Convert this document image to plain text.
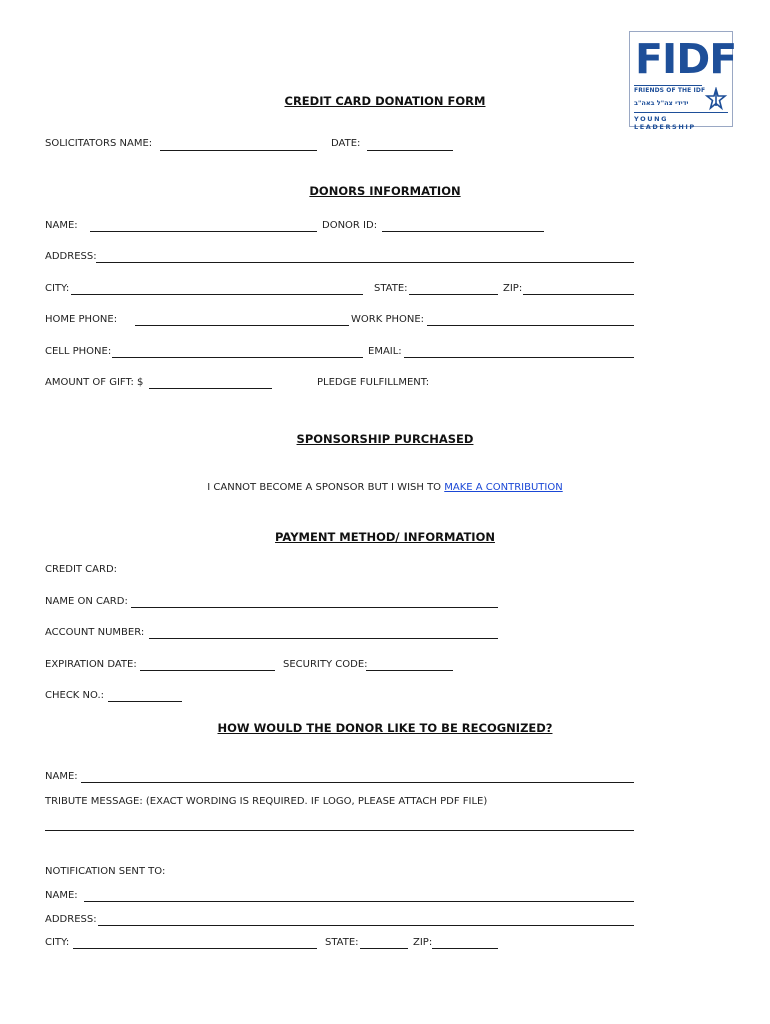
FIDF
FRIENDS OF THE IDF
ידידי צה"ל באה"ב
YOUNG LEADERSHIP
CREDIT CARD DONATION FORM
SOLICITATORS NAME:	DATE:
DONORS INFORMATION
NAME:	DONOR ID:
ADDRESS:
CITY:	STATE:	ZIP:
HOME PHONE:	WORK PHONE:
CELL PHONE:	EMAIL:
AMOUNT OF GIFT: $	PLEDGE FULFILLMENT:
SPONSORSHIP PURCHASED
I CANNOT BECOME A SPONSOR BUT I WISH TO MAKE A CONTRIBUTION
PAYMENT METHOD/ INFORMATION
CREDIT CARD:
NAME ON CARD:
ACCOUNT NUMBER:
EXPIRATION DATE:	SECURITY CODE:
CHECK NO.:
HOW WOULD THE DONOR LIKE TO BE RECOGNIZED?
NAME:
TRIBUTE MESSAGE: (EXACT WORDING IS REQUIRED. IF LOGO, PLEASE ATTACH PDF FILE)
NOTIFICATION SENT TO:
NAME:
ADDRESS:
CITY:	STATE:	ZIP:
